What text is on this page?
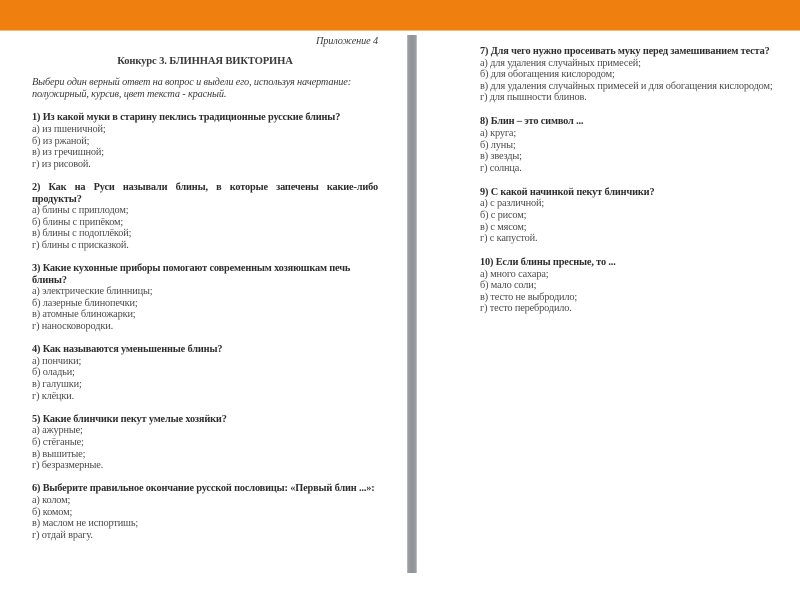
Приложение 4
Конкурс 3. БЛИННАЯ ВИКТОРИНА
Выбери один верный ответ на вопрос и выдели его, используя начертание: полужирный, курсив, цвет текста - красный.
1) Из какой муки в старину пеклись традиционные русские блины?
а) из пшеничной;
б) из ржаной;
в) из гречишной;
г) из рисовой.
2) Как на Руси называли блины, в которые запечены какие-либо продукты?
а) блины с приплодом;
б) блины с припёком;
в) блины с подоплёкой;
г) блины с присказкой.
3) Какие кухонные приборы помогают современным хозяюшкам печь блины?
а) электрические блинницы;
б) лазерные блинопечки;
в) атомные блиножарки;
г) наносковородки.
4) Как называются уменьшенные блины?
а) пончики;
б) оладьи;
в) галушки;
г) клёцки.
5) Какие блинчики пекут умелые хозяйки?
а) ажурные;
б) стёганые;
в) вышитые;
г) безразмерные.
6) Выберите правильное окончание русской пословицы: «Первый блин ...»:
а) колом;
б) комом;
в) маслом не испортишь;
г) отдай врагу.
7) Для чего нужно просеивать муку перед замешиванием теста?
а) для удаления случайных примесей;
б) для обогащения кислородом;
в) для удаления случайных примесей и для обогащения кислородом;
г) для пышности блинов.
8) Блин – это символ ...
а) круга;
б) луны;
в) звезды;
г) солнца.
9) С какой начинкой пекут блинчики?
а) с различной;
б) с рисом;
в) с мясом;
г) с капустой.
10) Если блины пресные, то ...
а) много сахара;
б) мало соли;
в) тесто не выбродило;
г) тесто перебродило.
